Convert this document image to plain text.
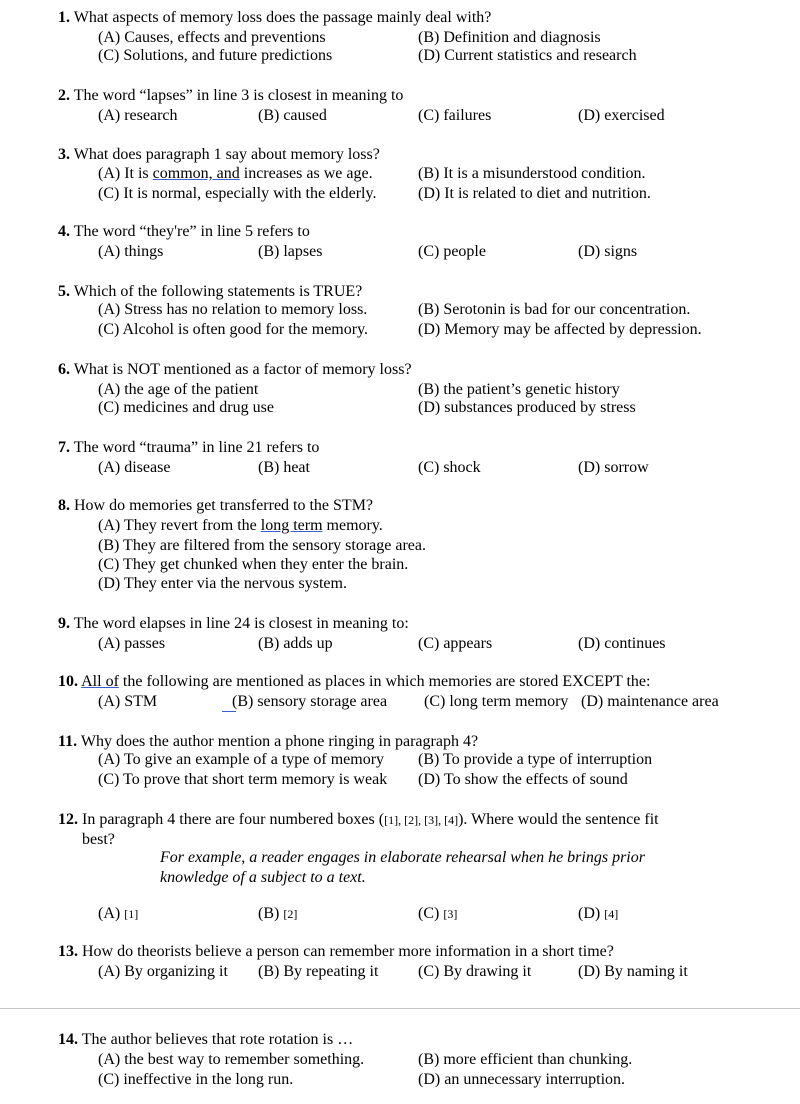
1. What aspects of memory loss does the passage mainly deal with?
(A) Causes, effects and preventions	(B) Definition and diagnosis
(C) Solutions, and future predictions	(D) Current statistics and research
2. The word “lapses” in line 3 is closest in meaning to
(A) research	(B) caused	(C) failures	(D) exercised
3. What does paragraph 1 say about memory loss?
(A) It is common, and increases as we age.	(B) It is a misunderstood condition.
(C) It is normal, especially with the elderly.	(D) It is related to diet and nutrition.
4. The word “they're” in line 5 refers to
(A) things	(B) lapses	(C) people	(D) signs
5. Which of the following statements is TRUE?
(A) Stress has no relation to memory loss.	(B) Serotonin is bad for our concentration.
(C) Alcohol is often good for the memory.	(D) Memory may be affected by depression.
6. What is NOT mentioned as a factor of memory loss?
(A) the age of the patient	(B) the patient’s genetic history
(C) medicines and drug use	(D) substances produced by stress
7. The word “trauma” in line 21 refers to
(A) disease	(B) heat	(C) shock	(D) sorrow
8. How do memories get transferred to the STM?
(A) They revert from the long term memory.
(B) They are filtered from the sensory storage area.
(C) They get chunked when they enter the brain.
(D) They enter via the nervous system.
9. The word elapses in line 24 is closest in meaning to:
(A) passes	(B) adds up	(C) appears	(D) continues
10. All of the following are mentioned as places in which memories are stored EXCEPT the:
(A) STM	(B) sensory storage area (C) long term memory (D) maintenance area
11. Why does the author mention a phone ringing in paragraph 4?
(A) To give an example of a type of memory (B) To provide a type of interruption
(C) To prove that short term memory is weak (D) To show the effects of sound
12. In paragraph 4 there are four numbered boxes ([1], [2], [3], [4]). Where would the sentence fit
best?
For example, a reader engages in elaborate rehearsal when he brings prior
knowledge of a subject to a text.
(A) [1]	(B) [2]	(C) [3]	(D) [4]
13. How do theorists believe a person can remember more information in a short time?
(A) By organizing it (B) By repeating it (C) By drawing it	(D) By naming it
14. The author believes that rote rotation is …
(A) the best way to remember something.	(B) more efficient than chunking.
(C) ineffective in the long run.	(D) an unnecessary interruption.
